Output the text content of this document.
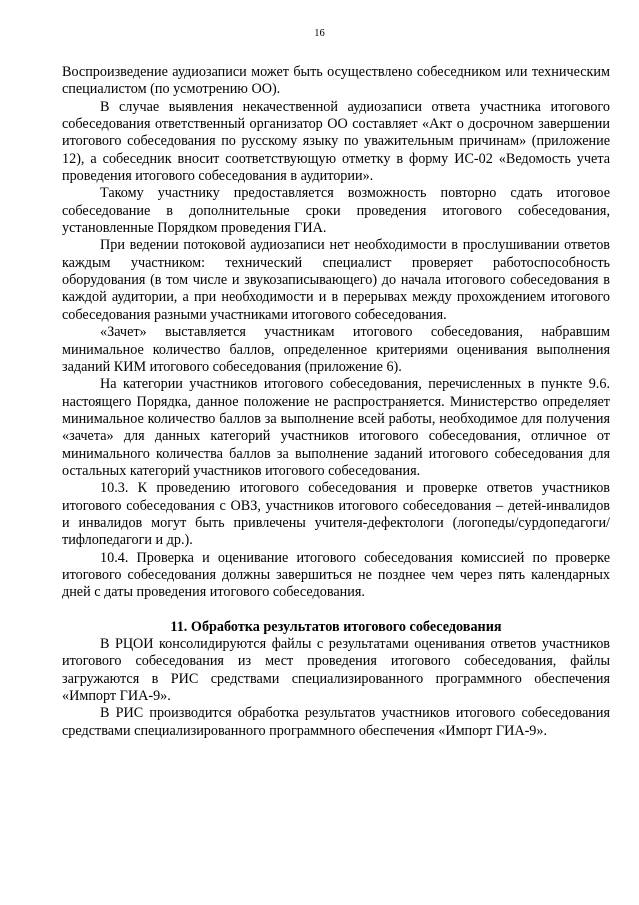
16

Воспроизведение аудиозаписи может быть осуществлено собеседником или техническим специалистом (по усмотрению ОО).

В случае выявления некачественной аудиозаписи ответа участника итогового собеседования ответственный организатор ОО составляет «Акт о досрочном завершении итогового собеседования по русскому языку по уважительным причинам» (приложение 12), а собеседник вносит соответствующую отметку в форму ИС-02 «Ведомость учета проведения итогового собеседования в аудитории».

Такому участнику предоставляется возможность повторно сдать итоговое собеседование в дополнительные сроки проведения итогового собеседования, установленные Порядком проведения ГИА.

При ведении потоковой аудиозаписи нет необходимости в прослушивании ответов каждым участником: технический специалист проверяет работоспособность оборудования (в том числе и звукозаписывающего) до начала итогового собеседования в каждой аудитории, а при необходимости и в перерывах между прохождением итогового собеседования разными участниками итогового собеседования.

«Зачет» выставляется участникам итогового собеседования, набравшим минимальное количество баллов, определенное критериями оценивания выполнения заданий КИМ итогового собеседования (приложение 6).

На категории участников итогового собеседования, перечисленных в пункте 9.6. настоящего Порядка, данное положение не распространяется. Министерство определяет минимальное количество баллов за выполнение всей работы, необходимое для получения «зачета» для данных категорий участников итогового собеседования, отличное от минимального количества баллов за выполнение заданий итогового собеседования для остальных категорий участников итогового собеседования.

10.3. К проведению итогового собеседования и проверке ответов участников итогового собеседования с ОВЗ, участников итогового собеседования – детей-инвалидов и инвалидов могут быть привлечены учителя-дефектологи (логопеды/сурдопедагоги/ тифлопедагоги и др.).

10.4. Проверка и оценивание итогового собеседования комиссией по проверке итогового собеседования должны завершиться не позднее чем через пять календарных дней с даты проведения итогового собеседования.

11. Обработка результатов итогового собеседования

В РЦОИ консолидируются файлы с результатами оценивания ответов участников итогового собеседования из мест проведения итогового собеседования, файлы загружаются в РИС средствами специализированного программного обеспечения «Импорт ГИА-9».

В РИС производится обработка результатов участников итогового собеседования средствами специализированного программного обеспечения «Импорт ГИА-9».
